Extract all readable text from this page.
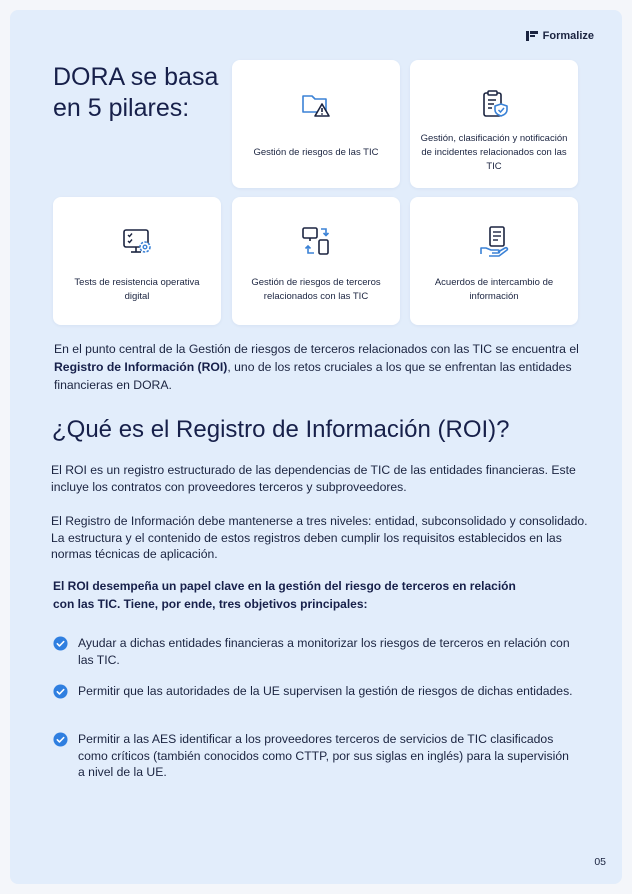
Formalize
DORA se basa
en 5 pilares:
Gestión de riesgos de las TIC
Gestión, clasificación y notificación de incidentes relacionados con las TIC
Tests de resistencia operativa digital
Gestión de riesgos de terceros relacionados con las TIC
Acuerdos de intercambio de información

En el punto central de la Gestión de riesgos de terceros relacionados con las TIC se encuentra el Registro de Información (ROI), uno de los retos cruciales a los que se enfrentan las entidades financieras en DORA.

¿Qué es el Registro de Información (ROI)?

El ROI es un registro estructurado de las dependencias de TIC de las entidades financieras. Este incluye los contratos con proveedores terceros y subproveedores.

El Registro de Información debe mantenerse a tres niveles: entidad, subconsolidado y consolidado. La estructura y el contenido de estos registros deben cumplir los requisitos establecidos en las normas técnicas de aplicación.

El ROI desempeña un papel clave en la gestión del riesgo de terceros en relación con las TIC. Tiene, por ende, tres objetivos principales:

Ayudar a dichas entidades financieras a monitorizar los riesgos de terceros en relación con las TIC.
Permitir que las autoridades de la UE supervisen la gestión de riesgos de dichas entidades.
Permitir a las AES identificar a los proveedores terceros de servicios de TIC clasificados como críticos (también conocidos como CTTP, por sus siglas en inglés) para la supervisión a nivel de la UE.
05
